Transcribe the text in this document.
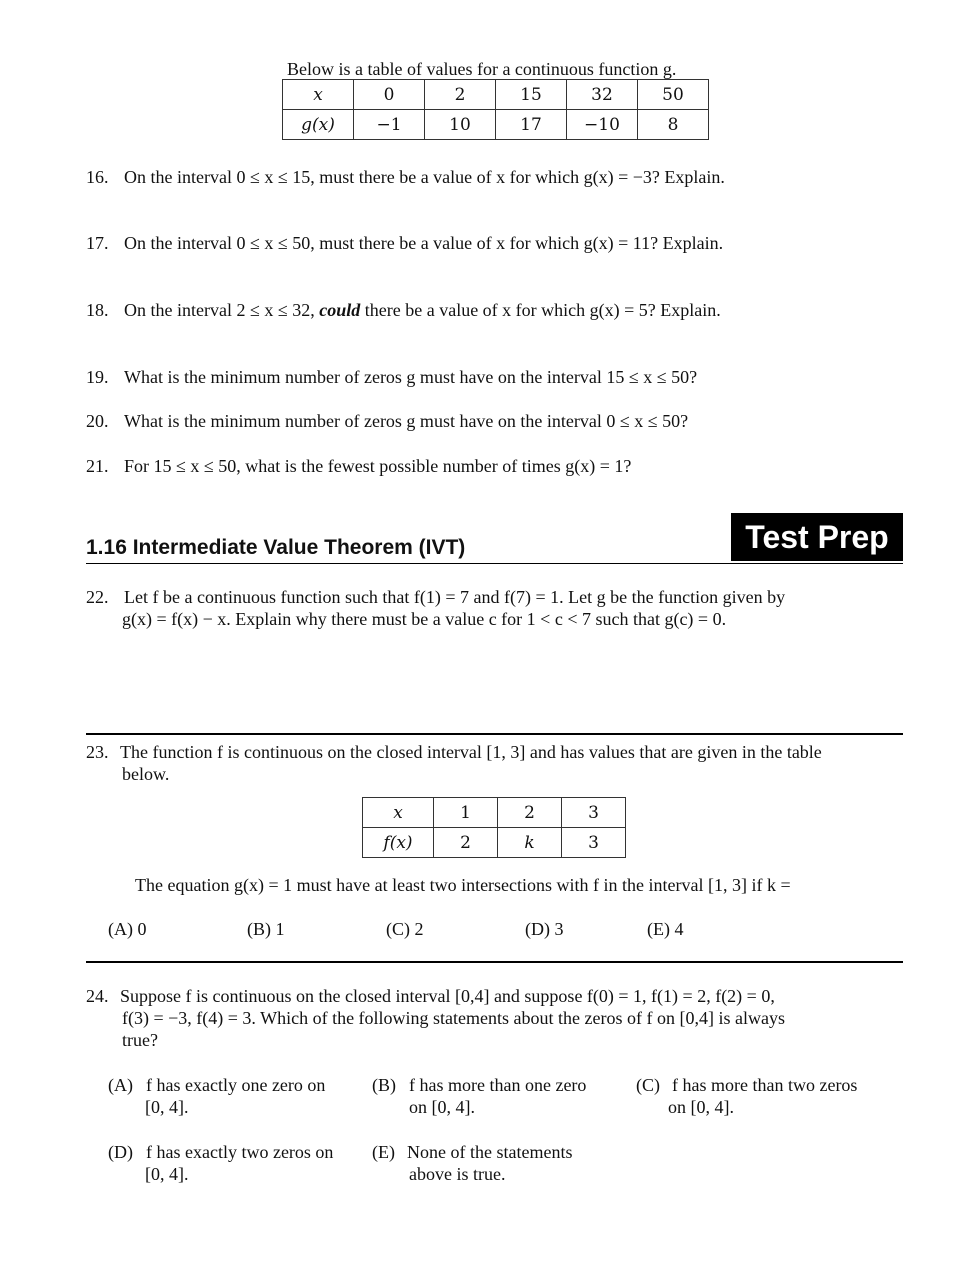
Below is a table of values for a continuous function g.
x	0	2	15	32	50
g(x)	−1	10	17	−10	8
16. On the interval 0 ≤ x ≤ 15, must there be a value of x for which g(x) = −3? Explain.
17. On the interval 0 ≤ x ≤ 50, must there be a value of x for which g(x) = 11? Explain.
18. On the interval 2 ≤ x ≤ 32, could there be a value of x for which g(x) = 5? Explain.
19. What is the minimum number of zeros g must have on the interval 15 ≤ x ≤ 50?
20. What is the minimum number of zeros g must have on the interval 0 ≤ x ≤ 50?
21. For 15 ≤ x ≤ 50, what is the fewest possible number of times g(x) = 1?
1.16 Intermediate Value Theorem (IVT)	Test Prep
22. Let f be a continuous function such that f(1) = 7 and f(7) = 1. Let g be the function given by
g(x) = f(x) − x. Explain why there must be a value c for 1 < c < 7 such that g(c) = 0.
23. The function f is continuous on the closed interval [1, 3] and has values that are given in the table
below.
x	1	2	3
f(x)	2	k	3
The equation g(x) = 1 must have at least two intersections with f in the interval [1, 3] if k =
(A) 0	(B) 1	(C) 2	(D) 3	(E) 4
24. Suppose f is continuous on the closed interval [0,4] and suppose f(0) = 1, f(1) = 2, f(2) = 0,
f(3) = −3, f(4) = 3. Which of the following statements about the zeros of f on [0,4] is always
true?
(A) f has exactly one zero on
[0, 4].
(B) f has more than one zero
on [0, 4].
(C) f has more than two zeros
on [0, 4].
(D) f has exactly two zeros on
[0, 4].
(E) None of the statements
above is true.
